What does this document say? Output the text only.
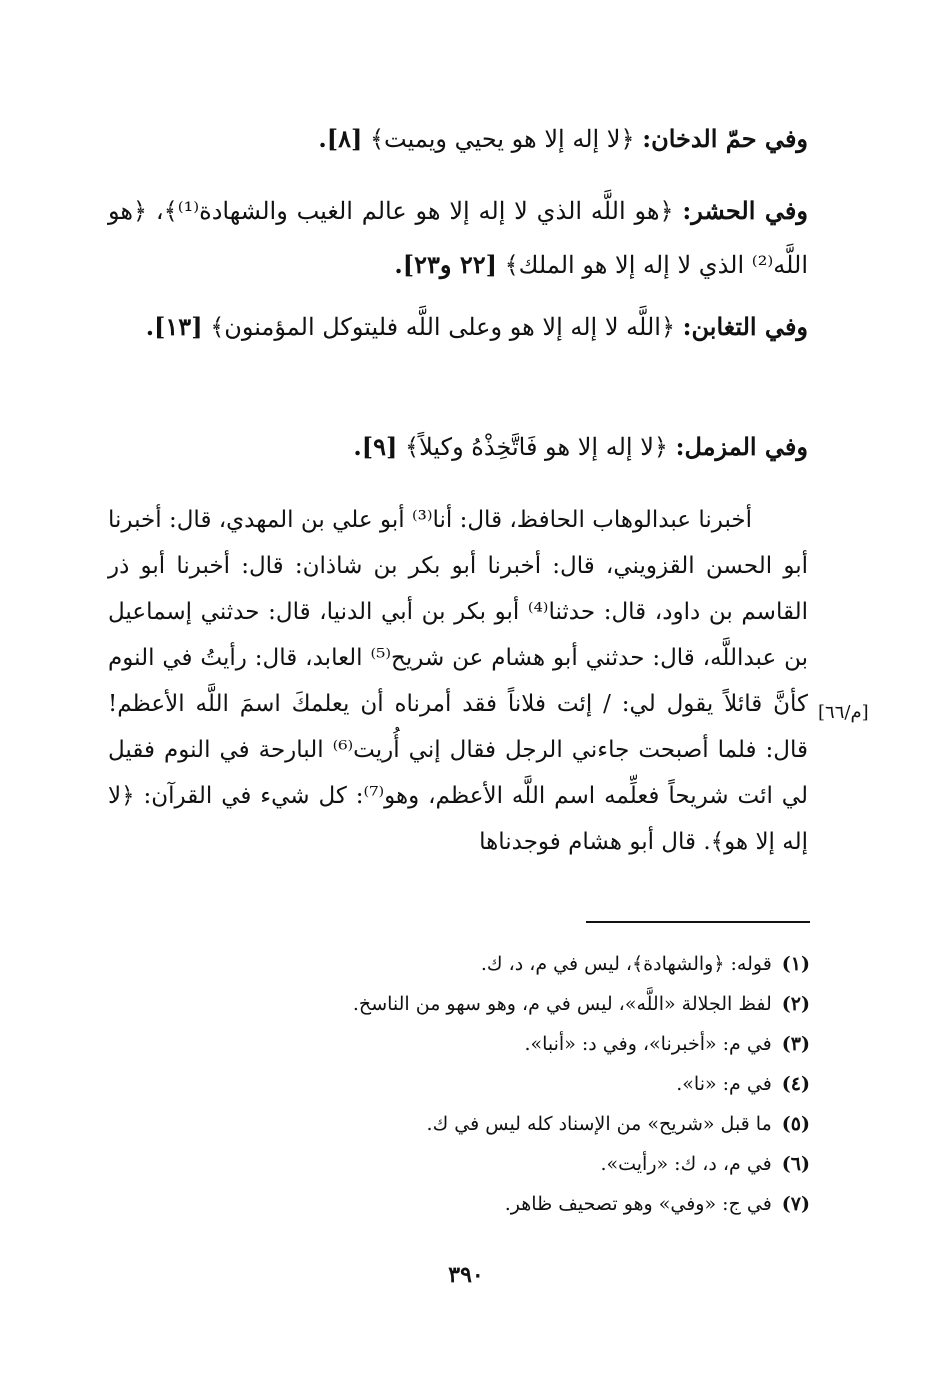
وفي حمّ الدخان: ﴿لا إله إلا هو يحيي ويميت﴾ [٨].
وفي الحشر: ﴿هو اللَّه الذي لا إله إلا هو عالم الغيب والشهادة⁽¹⁾﴾، ﴿هو اللَّه⁽²⁾ الذي لا إله إلا هو الملك﴾ [٢٢ و٢٣].
وفي التغابن: ﴿اللَّه لا إله إلا هو وعلى اللَّه فليتوكل المؤمنون﴾ [١٣].
وفي المزمل: ﴿لا إله إلا هو فَاتَّخِذْهُ وكيلاً﴾ [٩].

أخبرنا عبدالوهاب الحافظ، قال: أنا⁽³⁾ أبو علي بن المهدي، قال: أخبرنا أبو الحسن القزويني، قال: أخبرنا أبو بكر بن شاذان: قال: أخبرنا أبو ذر القاسم بن داود، قال: حدثنا⁽⁴⁾ أبو بكر بن أبي الدنيا، قال: حدثني إسماعيل بن عبداللَّه، قال: حدثني أبو هشام عن شريح⁽⁵⁾ العابد، قال: رأيتُ في النوم كأنَّ قائلاً يقول لي: / إئت فلاناً فقد أمرناه أن يعلمكَ اسمَ اللَّه الأعظم! قال: فلما أصبحت جاءني الرجل فقال إني أُريت⁽⁶⁾ البارحة في النوم فقيل لي ائت شريحاً فعلِّمه اسم اللَّه الأعظم، وهو⁽⁷⁾: كل شيء في القرآن: ﴿لا إله إلا هو﴾. قال أبو هشام فوجدناها

[م/٦٦]
(١)قوله: ﴿والشهادة﴾، ليس في م، د، ك.
(٢)لفظ الجلالة «اللَّه»، ليس في م، وهو سهو من الناسخ.
(٣)في م: «أخبرنا»، وفي د: «أنبا».
(٤)في م: «نا».
(٥)ما قبل «شريح» من الإسناد كله ليس في ك.
(٦)في م، د، ك: «رأيت».
(٧)في ج: «وفي» وهو تصحيف ظاهر.
٣٩٠
